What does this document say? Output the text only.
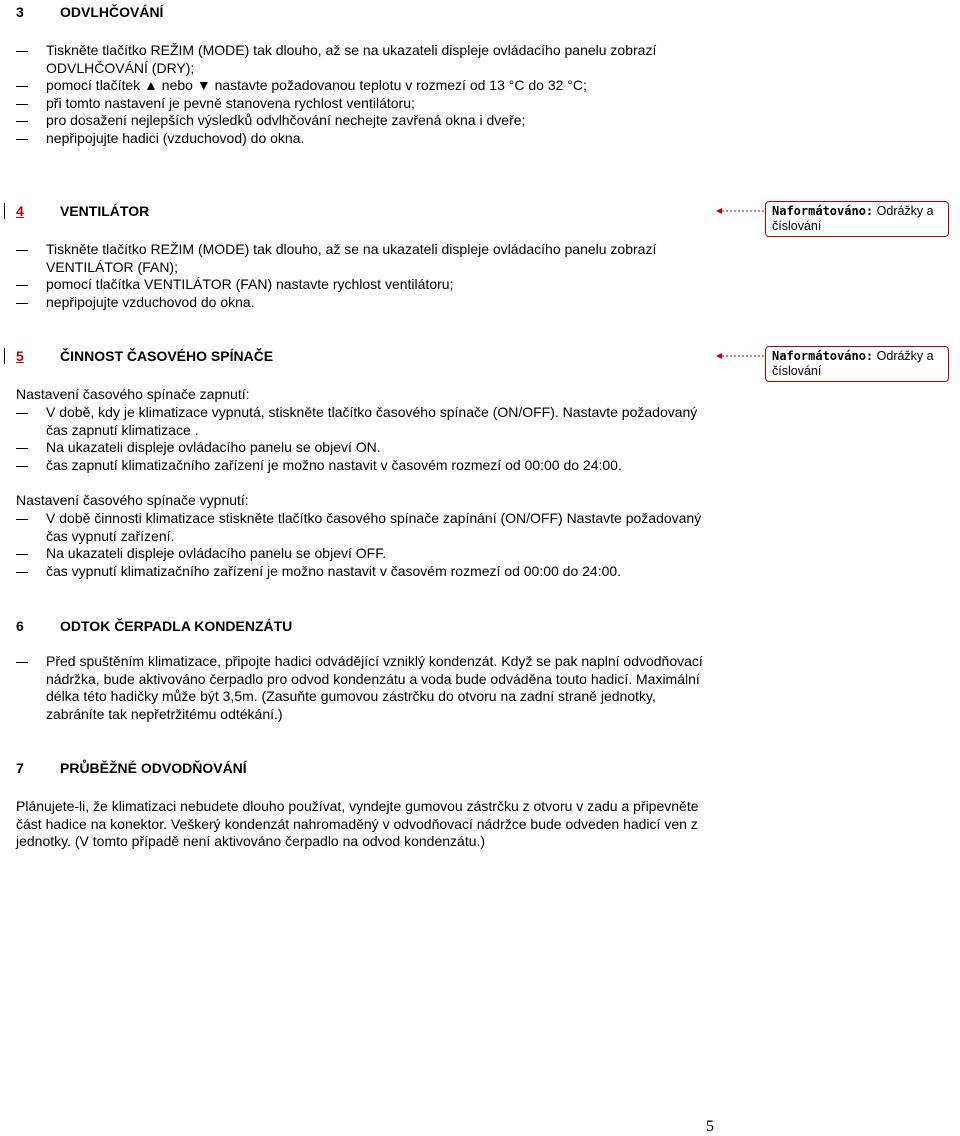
3	ODVLHČOVÁNÍ
Tiskněte tlačítko REŽIM (MODE) tak dlouho, až se na ukazateli displeje ovládacího panelu zobrazí ODVLHČOVÁNÍ (DRY);
pomocí tlačítek ▲ nebo ▼ nastavte požadovanou teplotu v rozmezí od 13 °C do 32 °C;
při tomto nastavení je pevně stanovena rychlost ventilátoru;
pro dosažení nejlepších výsledků odvlhčování nechejte zavřená okna i dveře;
nepřipojujte hadici (vzduchovod) do okna.
4	VENTILÁTOR	Naformátováno: Odrážky a číslování
Tiskněte tlačítko REŽIM (MODE) tak dlouho, až se na ukazateli displeje ovládacího panelu zobrazí VENTILÁTOR (FAN);
pomocí tlačítka VENTILÁTOR (FAN) nastavte rychlost ventilátoru;
nepřipojujte vzduchovod do okna.
5	ČINNOST ČASOVÉHO SPÍNAČE	Naformátováno: Odrážky a číslování

Nastavení časového spínače zapnutí:

V době, kdy je klimatizace vypnutá, stiskněte tlačítko časového spínače (ON/OFF). Nastavte požadovaný čas zapnutí klimatizace .
Na ukazateli displeje ovládacího panelu se objeví ON.
čas zapnutí klimatizačního zařízení je možno nastavit v časovém rozmezí od 00:00 do 24:00.

Nastavení časového spínače vypnutí:

V době činnosti klimatizace stiskněte tlačítko časového spínače zapínání (ON/OFF) Nastavte požadovaný čas vypnutí zařízení.
Na ukazateli displeje ovládacího panelu se objeví OFF.
čas vypnutí klimatizačního zařízení je možno nastavit v časovém rozmezí od 00:00 do 24:00.
6	ODTOK ČERPADLA KONDENZÁTU
Před spuštěním klimatizace, připojte hadici odvádějící vzniklý kondenzát. Když se pak naplní odvodňovací nádržka, bude aktivováno čerpadlo pro odvod kondenzátu a voda bude odváděna touto hadicí. Maximální délka této hadičky může být 3,5m. (Zasuňte gumovou zástrčku do otvoru na zadní straně jednotky, zabráníte tak nepřetržitému odtékání.)
7	PRŮBĚŽNÉ ODVODŇOVÁNÍ

Plánujete-li, že klimatizaci nebudete dlouho používat, vyndejte gumovou zástrčku z otvoru v zadu a připevněte část hadice na konektor. Veškerý kondenzát nahromaděný v odvodňovací nádržce bude odveden hadicí ven z jednotky. (V tomto případě není aktivováno čerpadlo na odvod kondenzátu.)

5
